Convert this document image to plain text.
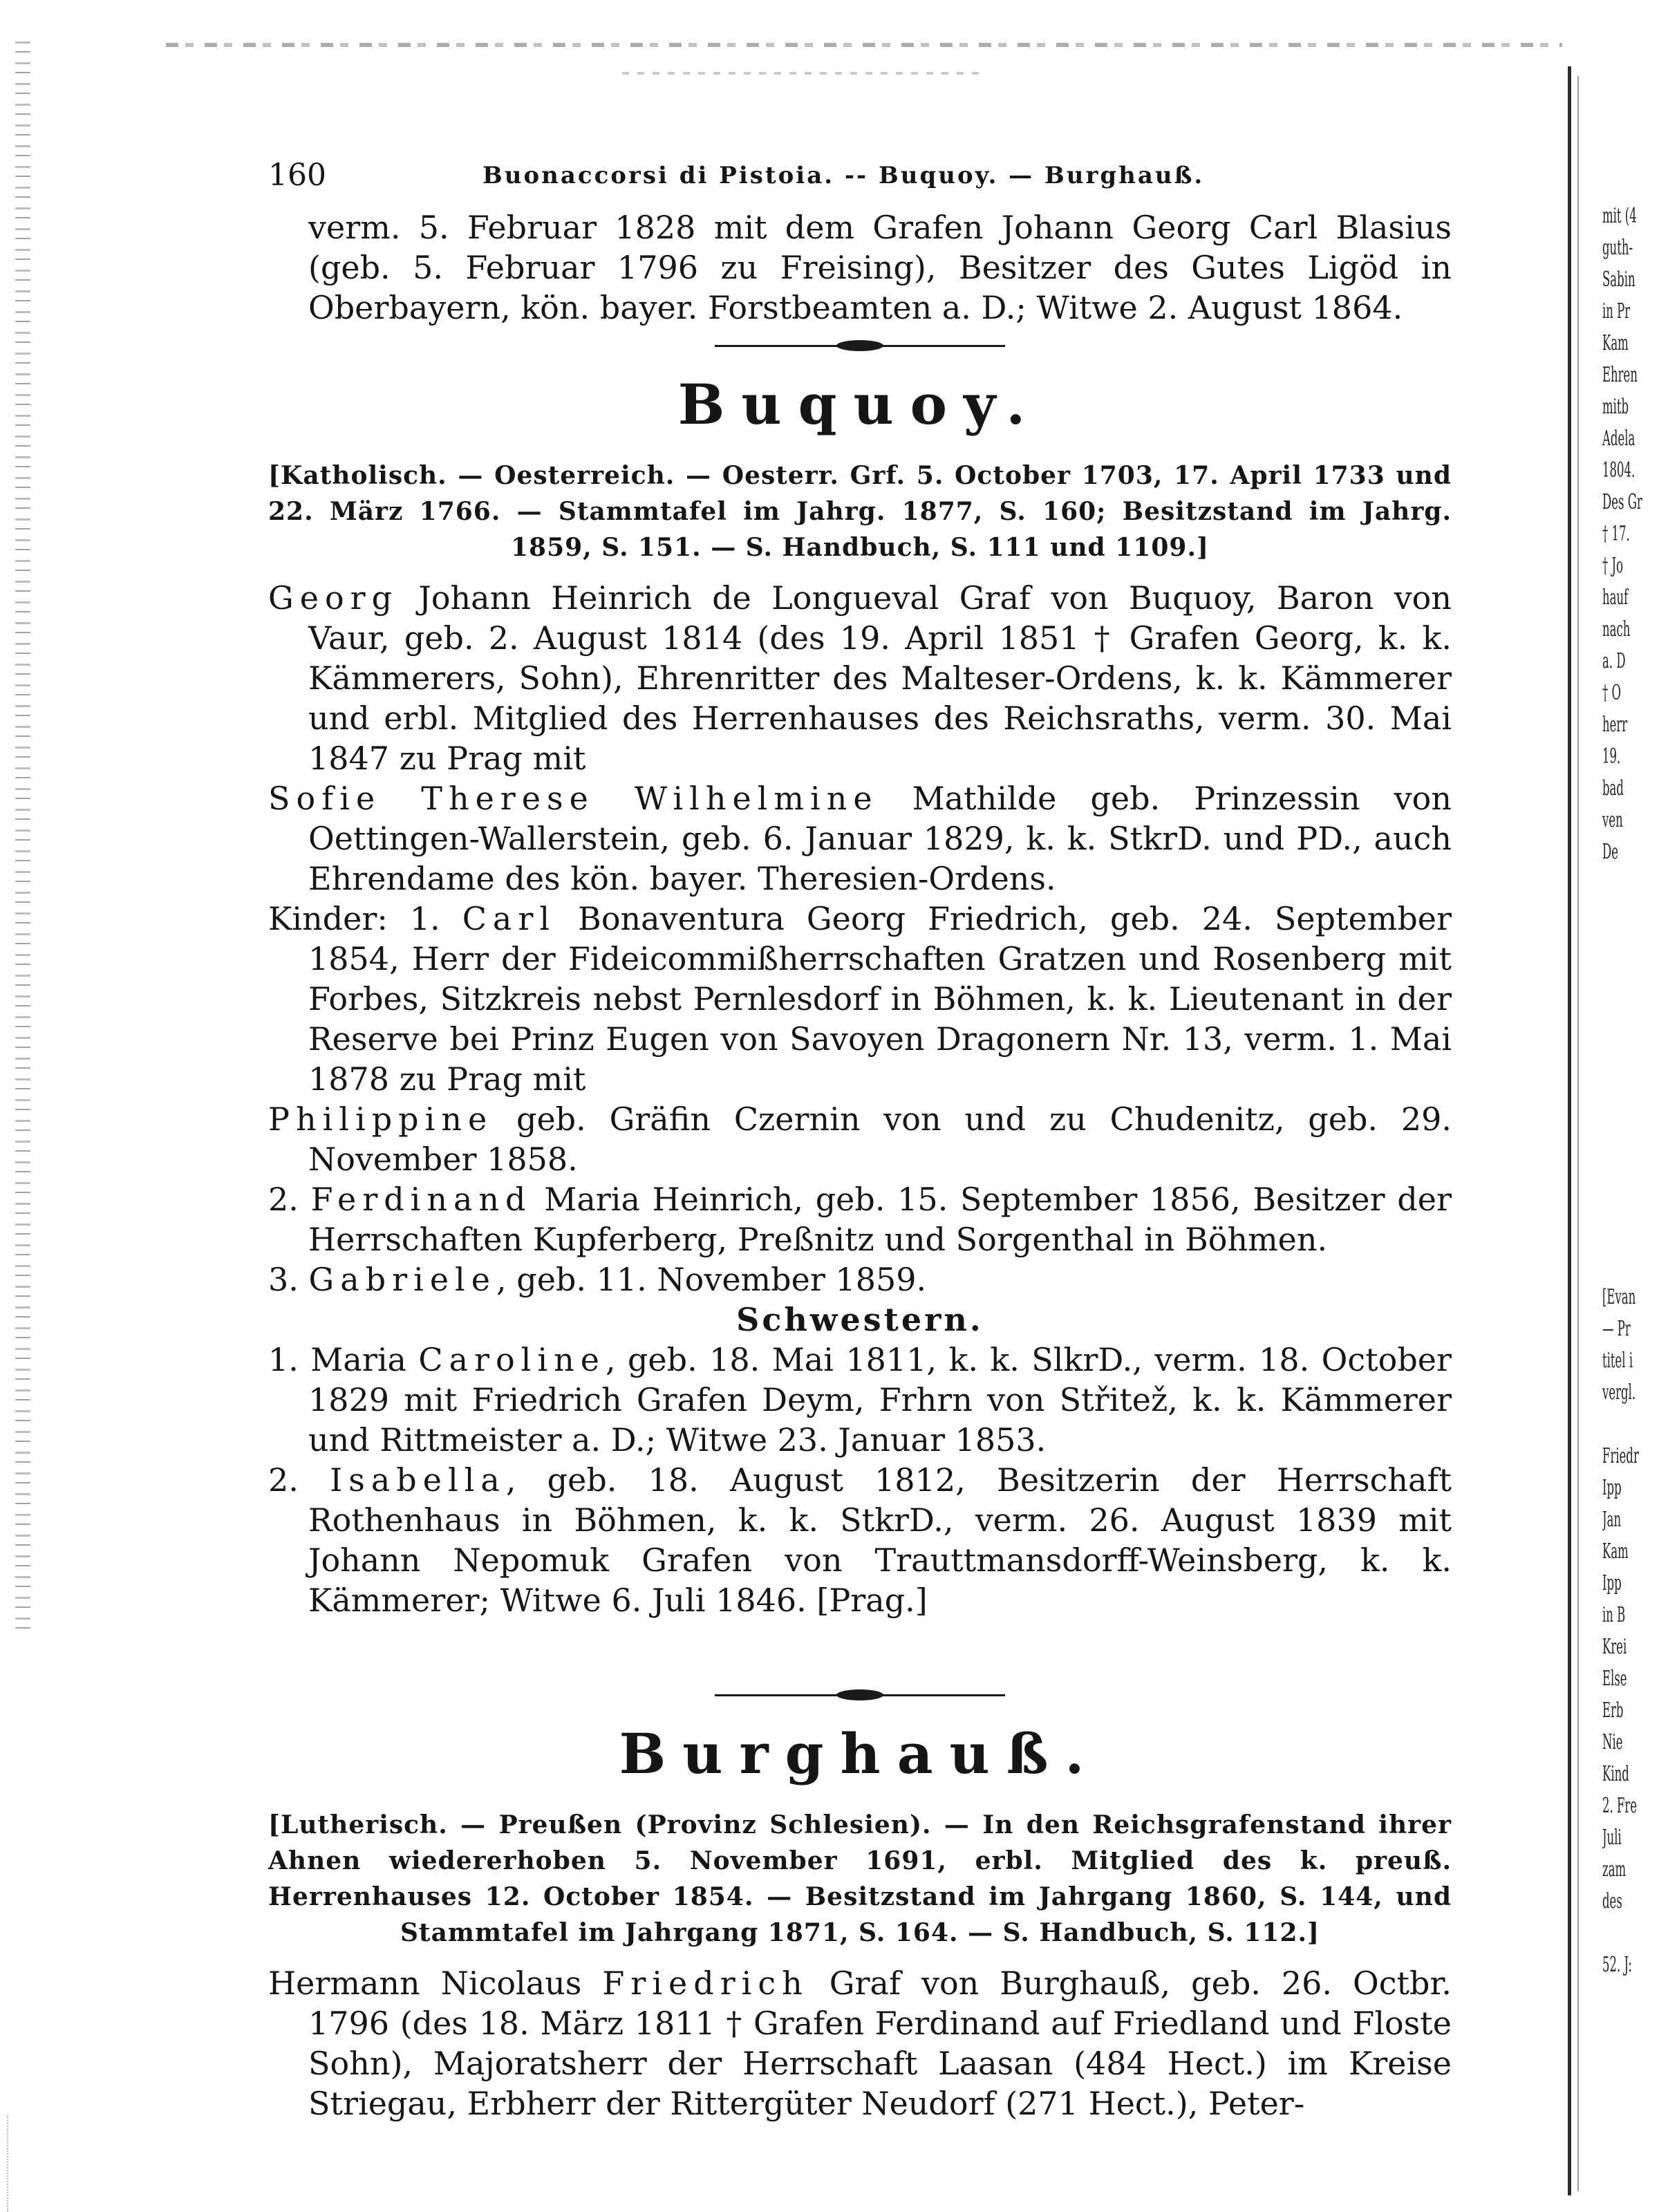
mit (4
guth-
Sabin
in Pr
Kam
Ehren
mitb
Adela
1804.
Des Gr
† 17.
† Jo
hauf
nach
a. D
† O
herr
19.
bad
ven
De

[Evan
— Pr
titel i
vergl.

Friedr
Ipp
Jan
Kam
Ipp
in B
Krei
Else
Erb
Nie
Kind
2. Fre
Juli
zam
des

52. J:
160	Buonaccorsi di Pistoia. -- Buquoy. — Burghauß.

verm. 5. Februar 1828 mit dem Grafen Johann Georg Carl Blasius (geb. 5. Februar 1796 zu Freising), Besitzer des Gutes Ligöd in Oberbayern, kön. bayer. Forstbeamten a. D.; Witwe 2. August 1864.

Buquoy.

[Katholisch. — Oesterreich. — Oesterr. Grf. 5. October 1703, 17. April 1733 und 22. März 1766. — Stammtafel im Jahrg. 1877, S. 160; Besitzstand im Jahrg. 1859, S. 151. — S. Handbuch, S. 111 und 1109.]

Georg Johann Heinrich de Longueval Graf von Buquoy, Baron von Vaur, geb. 2. August 1814 (des 19. April 1851 † Grafen Georg, k. k. Kämmerers, Sohn), Ehrenritter des Malteser-Ordens, k. k. Kämmerer und erbl. Mitglied des Herrenhauses des Reichsraths, verm. 30. Mai 1847 zu Prag mit

Sofie Therese Wilhelmine Mathilde geb. Prinzessin von Oettingen-Wallerstein, geb. 6. Januar 1829, k. k. StkrD. und PD., auch Ehrendame des kön. bayer. Theresien-Ordens.

Kinder: 1. Carl Bonaventura Georg Friedrich, geb. 24. September 1854, Herr der Fideicommißherrschaften Gratzen und Rosenberg mit Forbes, Sitzkreis nebst Pernlesdorf in Böhmen, k. k. Lieutenant in der Reserve bei Prinz Eugen von Savoyen Dragonern Nr. 13, verm. 1. Mai 1878 zu Prag mit

Philippine geb. Gräfin Czernin von und zu Chudenitz, geb. 29. November 1858.

2. Ferdinand Maria Heinrich, geb. 15. September 1856, Besitzer der Herrschaften Kupferberg, Preßnitz und Sorgenthal in Böhmen.

3. Gabriele, geb. 11. November 1859.

Schwestern.

1. Maria Caroline, geb. 18. Mai 1811, k. k. SlkrD., verm. 18. October 1829 mit Friedrich Grafen Deym, Frhrn von Střitež, k. k. Kämmerer und Rittmeister a. D.; Witwe 23. Januar 1853.

2. Isabella, geb. 18. August 1812, Besitzerin der Herrschaft Rothenhaus in Böhmen, k. k. StkrD., verm. 26. August 1839 mit Johann Nepomuk Grafen von Trauttmansdorff-Weinsberg, k. k. Kämmerer; Witwe 6. Juli 1846. [Prag.]

Burghauß.

[Lutherisch. — Preußen (Provinz Schlesien). — In den Reichsgrafenstand ihrer Ahnen wiedererhoben 5. November 1691, erbl. Mitglied des k. preuß. Herrenhauses 12. October 1854. — Besitzstand im Jahrgang 1860, S. 144, und Stammtafel im Jahrgang 1871, S. 164. — S. Handbuch, S. 112.]

Hermann Nicolaus Friedrich Graf von Burghauß, geb. 26. Octbr. 1796 (des 18. März 1811 † Grafen Ferdinand auf Friedland und Floste Sohn), Majoratsherr der Herrschaft Laasan (484 Hect.) im Kreise Striegau, Erbherr der Rittergüter Neudorf (271 Hect.), Peter-
